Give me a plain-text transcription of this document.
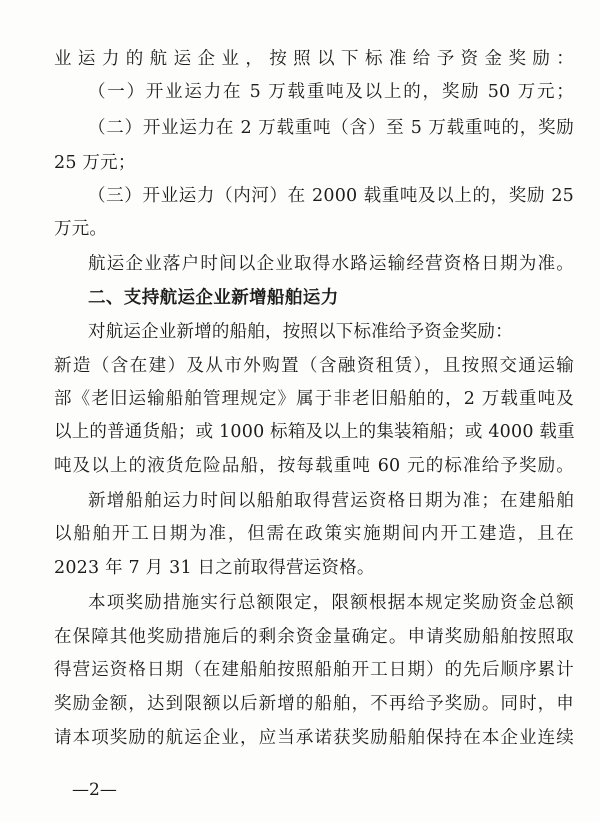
业运力的航运企业，按照以下标准给予资金奖励：
（一）开业运力在 5 万载重吨及以上的，奖励 50 万元；
（二）开业运力在 2 万载重吨（含）至 5 万载重吨的，奖励
25 万元；
（三）开业运力（内河）在 2000 载重吨及以上的，奖励 25
万元。
航运企业落户时间以企业取得水路运输经营资格日期为准。
二、支持航运企业新增船舶运力
对航运企业新增的船舶，按照以下标准给予资金奖励：
新造（含在建）及从市外购置（含融资租赁），且按照交通运输
部《老旧运输船舶管理规定》属于非老旧船舶的，2 万载重吨及
以上的普通货船；或 1000 标箱及以上的集装箱船；或 4000 载重
吨及以上的液货危险品船，按每载重吨 60 元的标准给予奖励。
新增船舶运力时间以船舶取得营运资格日期为准；在建船舶
以船舶开工日期为准，但需在政策实施期间内开工建造，且在
2023 年 7 月 31 日之前取得营运资格。
本项奖励措施实行总额限定，限额根据本规定奖励资金总额
在保障其他奖励措施后的剩余资金量确定。申请奖励船舶按照取
得营运资格日期（在建船舶按照船舶开工日期）的先后顺序累计
奖励金额，达到限额以后新增的船舶，不再给予奖励。同时，申
请本项奖励的航运企业，应当承诺获奖励船舶保持在本企业连续
—2—
